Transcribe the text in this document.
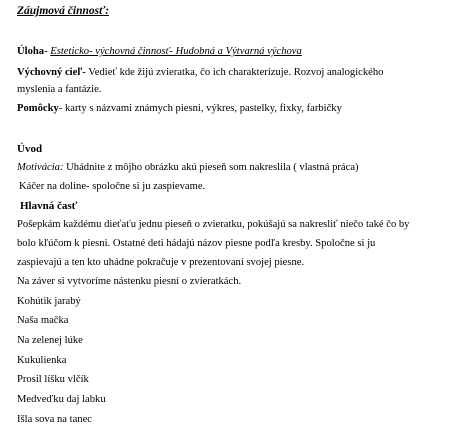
Záujmová činnosť:
Úloha- Esteticko- výchovná činnosť- Hudobná a Výtvarná výchova
Výchovný cieľ- Vedieť kde žijú zvieratka, čo ich charakterizuje. Rozvoj analogického
myslenia a fantázie.
Pomôcky- karty s názvami známych piesni, výkres, pastelky, fixky, farbičky
Úvod
Motivácia: Uhádnite z môjho obrázku akú pieseň som nakreslila ( vlastná práca)
Káčer na doline- spoločne si ju zaspievame.
Hlavná časť
Pošepkám každému dieťaťu jednu pieseň o zvieratku, pokúšajú sa nakresliť niečo také čo by
bolo kľúčom k piesni. Ostatné deti hádajú názov piesne podľa kresby. Spoločne si ju
zaspievajú a ten kto uhádne pokračuje v prezentovaní svojej piesne.
Na záver si vytvoríme nástenku piesní o zvieratkách.
Kohútik jarabý
Naša mačka
Na zelenej lúke
Kukulienka
Prosil líšku vlčík
Medveďku daj labku
Išla sova na tanec
